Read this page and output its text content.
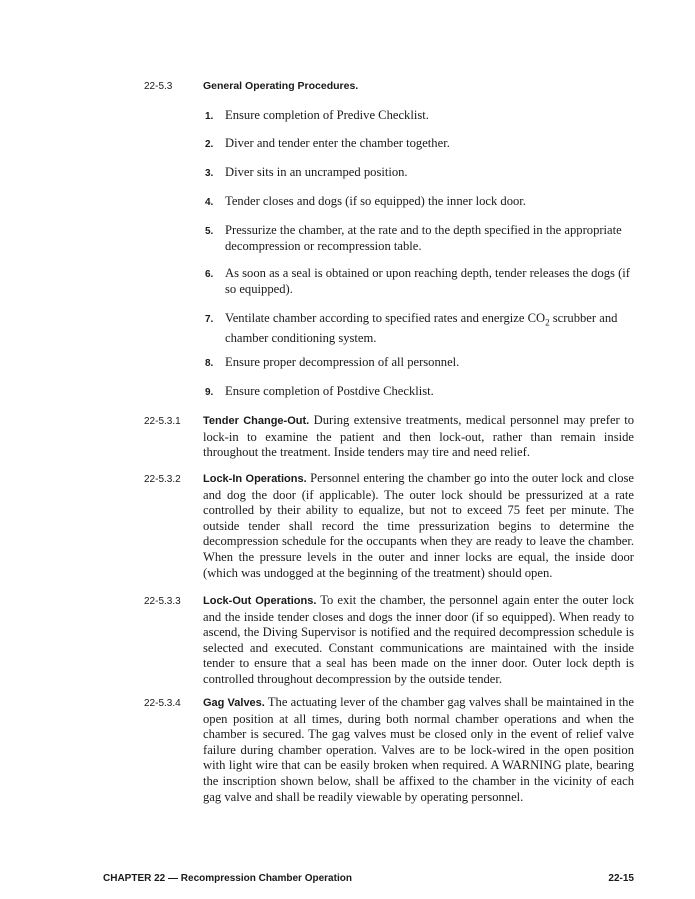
22-5.3	General Operating Procedures.
1. Ensure completion of Predive Checklist.
2. Diver and tender enter the chamber together.
3. Diver sits in an uncramped position.
4. Tender closes and dogs (if so equipped) the inner lock door.
5. Pressurize the chamber, at the rate and to the depth specified in the appropriate decompression or recompression table.
6. As soon as a seal is obtained or upon reaching depth, tender releases the dogs (if so equipped).
7. Ventilate chamber according to specified rates and energize $CO_2$ scrubber and chamber conditioning system.
8. Ensure proper decompression of all personnel.
9. Ensure completion of Postdive Checklist.
22-5.3.1 Tender Change-Out. During extensive treatments, medical personnel may prefer to lock-in to examine the patient and then lock-out, rather than remain inside throughout the treatment. Inside tenders may tire and need relief.
22-5.3.2 Lock-In Operations. Personnel entering the chamber go into the outer lock and close and dog the door (if applicable). The outer lock should be pressurized at a rate controlled by their ability to equalize, but not to exceed 75 feet per minute. The outside tender shall record the time pressurization begins to determine the decompression schedule for the occupants when they are ready to leave the chamber. When the pressure levels in the outer and inner locks are equal, the inside door (which was undogged at the beginning of the treatment) should open.
22-5.3.3 Lock-Out Operations. To exit the chamber, the personnel again enter the outer lock and the inside tender closes and dogs the inner door (if so equipped). When ready to ascend, the Diving Supervisor is notified and the required decompression schedule is selected and executed. Constant communications are maintained with the inside tender to ensure that a seal has been made on the inner door. Outer lock depth is controlled throughout decompression by the outside tender.
22-5.3.4 Gag Valves. The actuating lever of the chamber gag valves shall be maintained in the open position at all times, during both normal chamber operations and when the chamber is secured. The gag valves must be closed only in the event of relief valve failure during chamber operation. Valves are to be lock-wired in the open position with light wire that can be easily broken when required. A WARNING plate, bearing the inscription shown below, shall be affixed to the chamber in the vicinity of each gag valve and shall be readily viewable by operating personnel.
CHAPTER 22 — Recompression Chamber Operation	22-15
